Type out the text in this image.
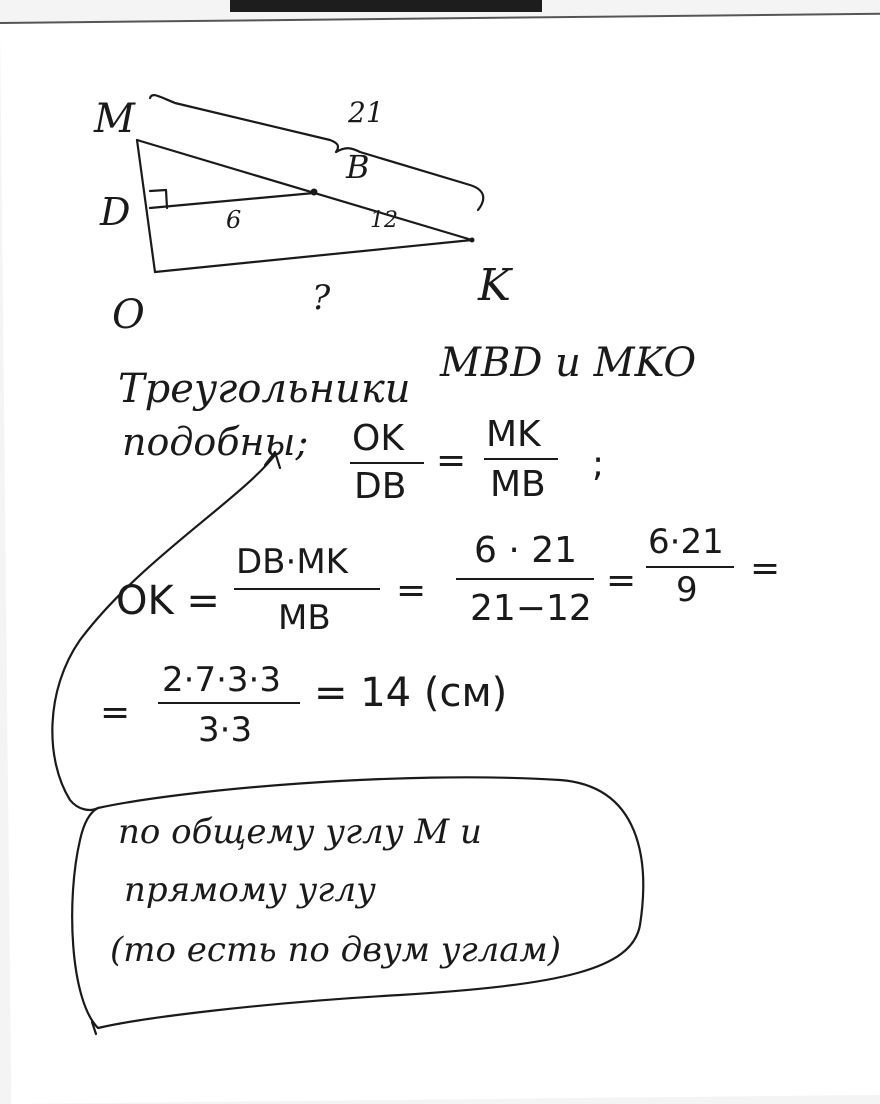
M
D
O
K
B
21
6	12
?
Треугольники
MBD и MKO
подобны; OK
DB
=
MK
MB ;
OK =
DB·MK
MB
=
6 · 21
21−12
=
6·21
9
=
=
2·7·3·3
3·3
= 14 (см)
по общему углу M и
прямому углу
(то есть по двум углам)
